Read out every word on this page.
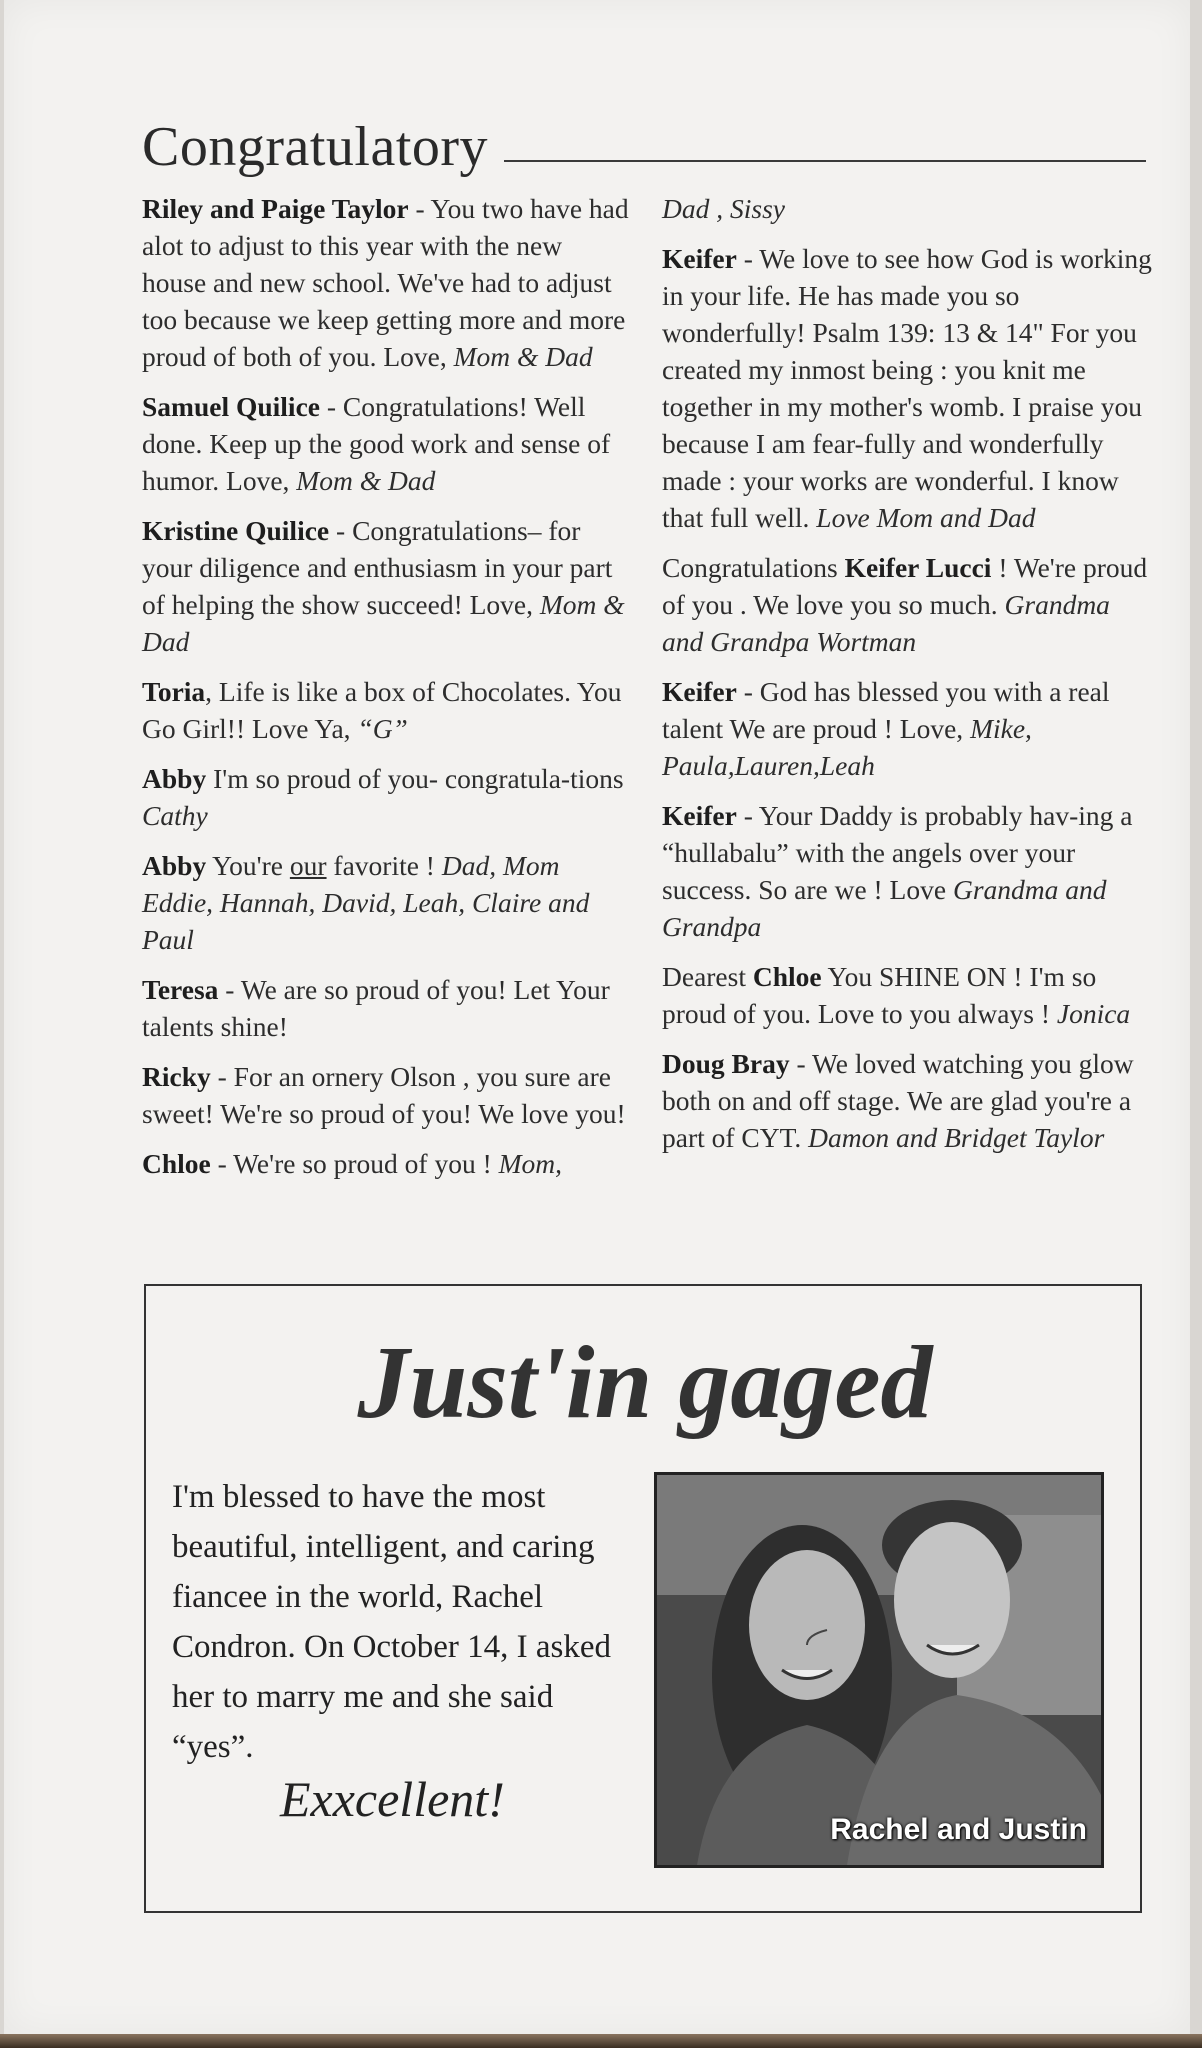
Congratulatory
Riley and Paige Taylor - You two have had alot to adjust to this year with the new house and new school. We've had to adjust too because we keep getting more and more proud of both of you. Love, Mom & Dad
Samuel Quilice - Congratulations! Well done. Keep up the good work and sense of humor. Love, Mom & Dad
Kristine Quilice - Congratulations– for your diligence and enthusiasm in your part of helping the show succeed! Love, Mom & Dad
Toria, Life is like a box of Chocolates. You Go Girl!! Love Ya, “G”
Abby I'm so proud of you- congratula-tions Cathy
Abby You're our favorite ! Dad, Mom Eddie, Hannah, David, Leah, Claire and Paul
Teresa - We are so proud of you! Let Your talents shine!
Ricky - For an ornery Olson , you sure are sweet! We're so proud of you! We love you!
Chloe - We're so proud of you ! Mom,
Dad , Sissy
Keifer - We love to see how God is working in your life. He has made you so wonderfully! Psalm 139: 13 & 14" For you created my inmost being : you knit me together in my mother's womb. I praise you because I am fear-fully and wonderfully made : your works are wonderful. I know that full well. Love Mom and Dad
Congratulations Keifer Lucci ! We're proud of you . We love you so much. Grandma and Grandpa Wortman
Keifer - God has blessed you with a real talent We are proud ! Love, Mike, Paula,Lauren,Leah
Keifer - Your Daddy is probably hav-ing a “hullabalu” with the angels over your success. So are we ! Love Grandma and Grandpa
Dearest Chloe You SHINE ON ! I'm so proud of you. Love to you always ! Jonica
Doug Bray - We loved watching you glow both on and off stage. We are glad you're a part of CYT. Damon and Bridget Taylor
Just'in gaged
I'm blessed to have the most beautiful, intelligent, and caring fiancee in the world, Rachel Condron. On October 14, I asked her to marry me and she said “yes”.
Exxcellent!
Rachel and Justin
